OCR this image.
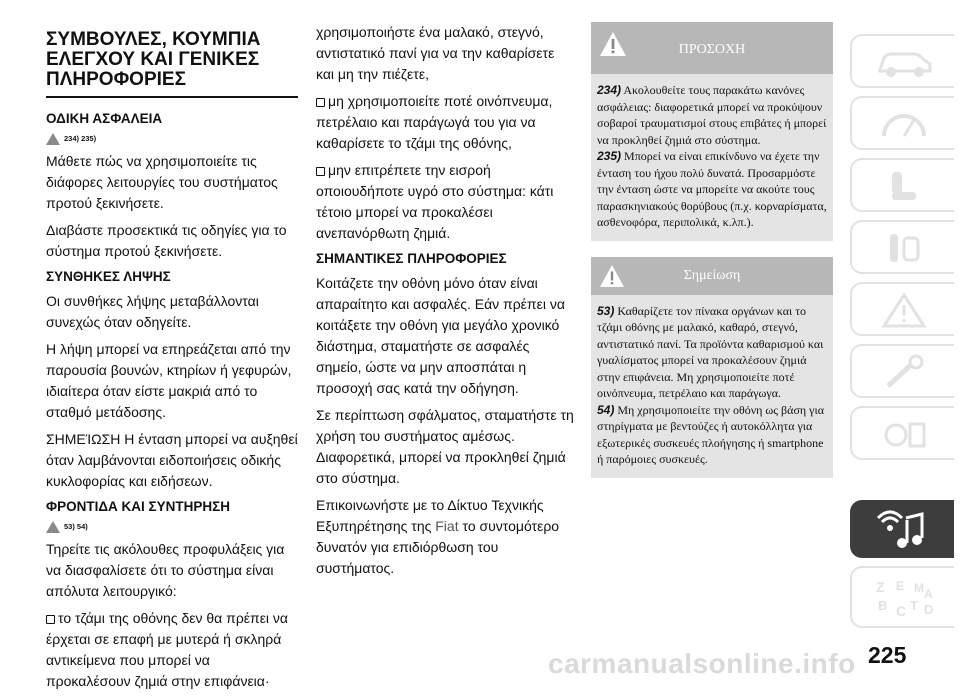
ΣΥΜΒΟΥΛΕΣ, ΚΟΥΜΠΙΑ ΕΛΕΓΧΟΥ ΚΑΙ ΓΕΝΙΚΕΣ ΠΛΗΡΟΦΟΡΙΕΣ
ΟΔΙΚΗ ΑΣΦΑΛΕΙΑ
234) 235)

Μάθετε πώς να χρησιμοποιείτε τις διάφορες λειτουργίες του συστήματος προτού ξεκινήσετε.

Διαβάστε προσεκτικά τις οδηγίες για το σύστημα προτού ξεκινήσετε.

ΣΥΝΘΗΚΕΣ ΛΗΨΗΣ

Οι συνθήκες λήψης μεταβάλλονται συνεχώς όταν οδηγείτε.

Η λήψη μπορεί να επηρεάζεται από την παρουσία βουνών, κτηρίων ή γεφυρών, ιδιαίτερα όταν είστε μακριά από το σταθμό μετάδοσης.

ΣΗΜΕΊΩΣΗ Η ένταση μπορεί να αυξηθεί όταν λαμβάνονται ειδοποιήσεις οδικής κυκλοφορίας και ειδήσεων.

ΦΡΟΝΤΙΔΑ ΚΑΙ ΣΥΝΤΗΡΗΣΗ
53) 54)

Τηρείτε τις ακόλουθες προφυλάξεις για να διασφαλίσετε ότι το σύστημα είναι απόλυτα λειτουργικό:

το τζάμι της οθόνης δεν θα πρέπει να έρχεται σε επαφή με μυτερά ή σκληρά αντικείμενα που μπορεί να προκαλέσουν ζημιά στην επιφάνεια·

χρησιμοποιήστε ένα μαλακό, στεγνό, αντιστατικό πανί για να την καθαρίσετε και μη την πιέζετε,

μη χρησιμοποιείτε ποτέ οινόπνευμα, πετρέλαιο και παράγωγά του για να καθαρίσετε το τζάμι της οθόνης,

μην επιτρέπετε την εισροή οποιουδήποτε υγρό στο σύστημα: κάτι τέτοιο μπορεί να προκαλέσει ανεπανόρθωτη ζημιά.

ΣΗΜΑΝΤΙΚΕΣ ΠΛΗΡΟΦΟΡΙΕΣ

Κοιτάζετε την οθόνη μόνο όταν είναι απαραίτητο και ασφαλές. Εάν πρέπει να κοιτάξετε την οθόνη για μεγάλο χρονικό διάστημα, σταματήστε σε ασφαλές σημείο, ώστε να μην αποσπάται η προσοχή σας κατά την οδήγηση.

Σε περίπτωση σφάλματος, σταματήστε τη χρήση του συστήματος αμέσως. Διαφορετικά, μπορεί να προκληθεί ζημιά στο σύστημα.

Επικοινωνήστε με το Δίκτυο Τεχνικής Εξυπηρέτησης της Fiat το συντομότερο δυνατόν για επιδιόρθωση του συστήματος.

ΠΡΟΣΟΧΗ

234) Ακολουθείτε τους παρακάτω κανόνες ασφάλειας: διαφορετικά μπορεί να προκύψουν σοβαροί τραυματισμοί στους επιβάτες ή μπορεί να προκληθεί ζημιά στο σύστημα.

235) Μπορεί να είναι επικίνδυνο να έχετε την ένταση του ήχου πολύ δυνατά. Προσαρμόστε την ένταση ώστε να μπορείτε να ακούτε τους παρασκηνιακούς θορύβους (π.χ. κορναρίσματα, ασθενοφόρα, περιπολικά, κ.λπ.).

Σημείωση

53) Καθαρίζετε τον πίνακα οργάνων και το τζάμι οθόνης με μαλακό, καθαρό, στεγνό, αντιστατικό πανί. Τα προϊόντα καθαρισμού και γυαλίσματος μπορεί να προκαλέσουν ζημιά στην επιφάνεια. Μη χρησιμοποιείτε ποτέ οινόπνευμα, πετρέλαιο και παράγωγα.

54) Μη χρησιμοποιείτε την οθόνη ως βάση για στηρίγματα με βεντούζες ή αυτοκόλλητα για εξωτερικές συσκευές πλοήγησης ή smartphone ή παρόμοιες συσκευές.

Z E M
B C T D
A
carmanualsonline.info 225
